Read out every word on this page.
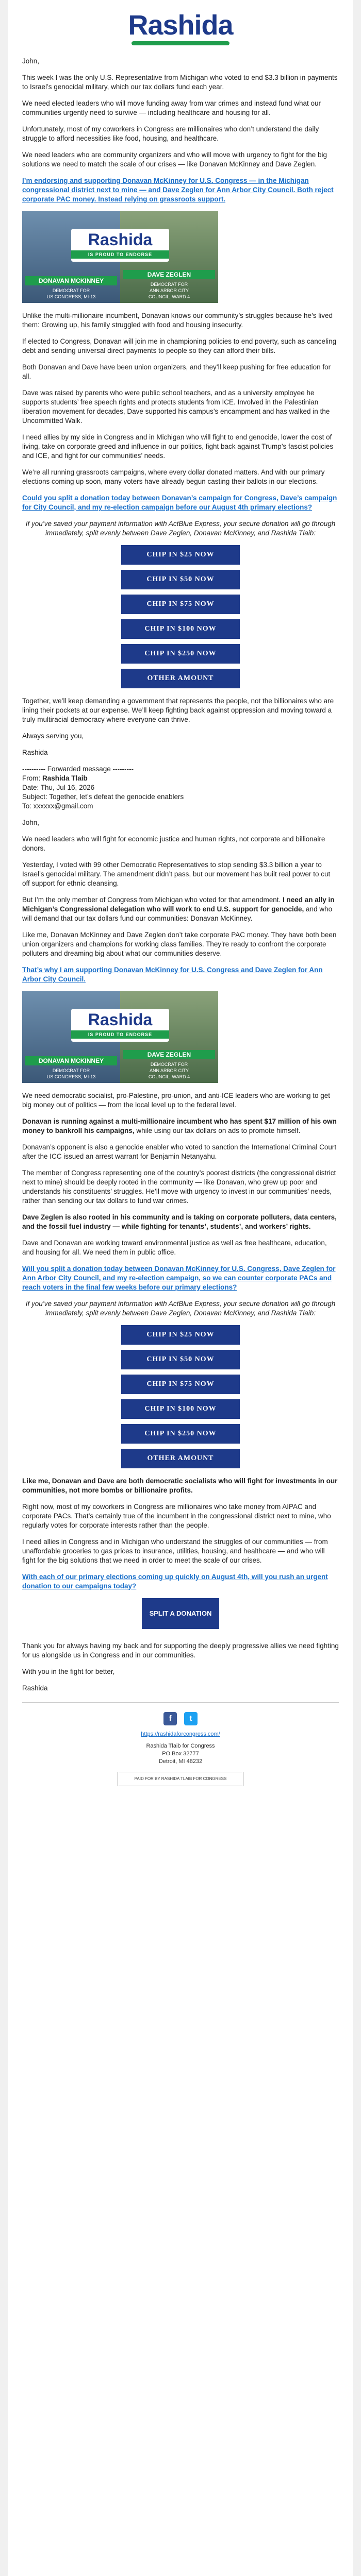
Rashida

John,

This week I was the only U.S. Representative from Michigan who voted to end $3.3 billion in payments to Israel’s genocidal military, which our tax dollars fund each year.

We need elected leaders who will move funding away from war crimes and instead fund what our communities urgently need to survive — including healthcare and housing for all.

Unfortunately, most of my coworkers in Congress are millionaires who don’t understand the daily struggle to afford necessities like food, housing, and healthcare.

We need leaders who are community organizers and who will move with urgency to fight for the big solutions we need to match the scale of our crises — like Donavan McKinney and Dave Zeglen.

I’m endorsing and supporting Donavan McKinney for U.S. Congress — in the Michigan congressional district next to mine — and Dave Zeglen for Ann Arbor City Council. Both reject corporate PAC money. Instead relying on grassroots support.

Rashida
IS PROUD TO ENDORSE
DONAVAN MCKINNEY
DEMOCRAT FOR
US CONGRESS, MI-13
DAVE ZEGLEN
DEMOCRAT FOR
ANN ARBOR CITY
COUNCIL, WARD 4

Unlike the multi-millionaire incumbent, Donavan knows our community’s struggles because he’s lived them: Growing up, his family struggled with food and housing insecurity.

If elected to Congress, Donavan will join me in championing policies to end poverty, such as canceling debt and sending universal direct payments to people so they can afford their bills.

Both Donavan and Dave have been union organizers, and they’ll keep pushing for free education for all.

Dave was raised by parents who were public school teachers, and as a university employee he supports students’ free speech rights and protects students from ICE. Involved in the Palestinian liberation movement for decades, Dave supported his campus’s encampment and has walked in the Uncommitted Walk.

I need allies by my side in Congress and in Michigan who will fight to end genocide, lower the cost of living, take on corporate greed and influence in our politics, fight back against Trump’s fascist policies and ICE, and fight for our communities’ needs.

We’re all running grassroots campaigns, where every dollar donated matters. And with our primary elections coming up soon, many voters have already begun casting their ballots in our elections.

Could you split a donation today between Donavan’s campaign for Congress, Dave’s campaign for City Council, and my re-election campaign before our August 4th primary elections?

If you’ve saved your payment information with ActBlue Express, your secure donation will go through immediately, split evenly between Dave Zeglen, Donavan McKinney, and Rashida Tlaib:

CHIP IN $25 NOW
CHIP IN $50 NOW
CHIP IN $75 NOW
CHIP IN $100 NOW
CHIP IN $250 NOW
OTHER AMOUNT

Together, we’ll keep demanding a government that represents the people, not the billionaires who are lining their pockets at our expense. We’ll keep fighting back against oppression and moving toward a truly multiracial democracy where everyone can thrive.

Always serving you,

Rashida

---------- Forwarded message ---------
From: Rashida Tlaib
Date: Thu, Jul 16, 2026
Subject: Together, let’s defeat the genocide enablers
To: xxxxxx@gmail.com

John,

We need leaders who will fight for economic justice and human rights, not corporate and billionaire donors.

Yesterday, I voted with 99 other Democratic Representatives to stop sending $3.3 billion a year to Israel’s genocidal military. The amendment didn’t pass, but our movement has built real power to cut off support for ethnic cleansing.

But I’m the only member of Congress from Michigan who voted for that amendment. I need an ally in Michigan’s Congressional delegation who will work to end U.S. support for genocide, and who will demand that our tax dollars fund our communities: Donavan McKinney.

Like me, Donavan McKinney and Dave Zeglen don’t take corporate PAC money. They have both been union organizers and champions for working class families. They’re ready to confront the corporate polluters and dreaming big about what our communities deserve.

That’s why I am supporting Donavan McKinney for U.S. Congress and Dave Zeglen for Ann Arbor City Council.

Rashida
IS PROUD TO ENDORSE
DONAVAN MCKINNEY
DEMOCRAT FOR
US CONGRESS, MI-13
DAVE ZEGLEN
DEMOCRAT FOR
ANN ARBOR CITY
COUNCIL, WARD 4

We need democratic socialist, pro-Palestine, pro-union, and anti-ICE leaders who are working to get big money out of politics — from the local level up to the federal level.

Donavan is running against a multi-millionaire incumbent who has spent $17 million of his own money to bankroll his campaigns, while using our tax dollars on ads to promote himself.

Donavan’s opponent is also a genocide enabler who voted to sanction the International Criminal Court after the ICC issued an arrest warrant for Benjamin Netanyahu.

The member of Congress representing one of the country’s poorest districts (the congressional district next to mine) should be deeply rooted in the community — like Donavan, who grew up poor and understands his constituents’ struggles. He’ll move with urgency to invest in our communities’ needs, rather than sending our tax dollars to fund war crimes.

Dave Zeglen is also rooted in his community and is taking on corporate polluters, data centers, and the fossil fuel industry — while fighting for tenants’, students’, and workers’ rights.

Dave and Donavan are working toward environmental justice as well as free healthcare, education, and housing for all. We need them in public office.

Will you split a donation today between Donavan McKinney for U.S. Congress, Dave Zeglen for Ann Arbor City Council, and my re-election campaign, so we can counter corporate PACs and reach voters in the final few weeks before our primary elections?

If you’ve saved your payment information with ActBlue Express, your secure donation will go through immediately, split evenly between Dave Zeglen, Donavan McKinney, and Rashida Tlaib:

CHIP IN $25 NOW
CHIP IN $50 NOW
CHIP IN $75 NOW
CHIP IN $100 NOW
CHIP IN $250 NOW
OTHER AMOUNT

Like me, Donavan and Dave are both democratic socialists who will fight for investments in our communities, not more bombs or billionaire profits.

Right now, most of my coworkers in Congress are millionaires who take money from AIPAC and corporate PACs. That’s certainly true of the incumbent in the congressional district next to mine, who regularly votes for corporate interests rather than the people.

I need allies in Congress and in Michigan who understand the struggles of our communities — from unaffordable groceries to gas prices to insurance, utilities, housing, and healthcare — and who will fight for the big solutions that we need in order to meet the scale of our crises.

With each of our primary elections coming up quickly on August 4th, will you rush an urgent donation to our campaigns today?

SPLIT A DONATION

Thank you for always having my back and for supporting the deeply progressive allies we need fighting for us alongside us in Congress and in our communities.

With you in the fight for better,

Rashida

f t
https://rashidaforcongress.com/
Rashida Tlaib for Congress
PO Box 32777
Detroit, MI 48232
PAID FOR BY RASHIDA TLAIB FOR CONGRESS
